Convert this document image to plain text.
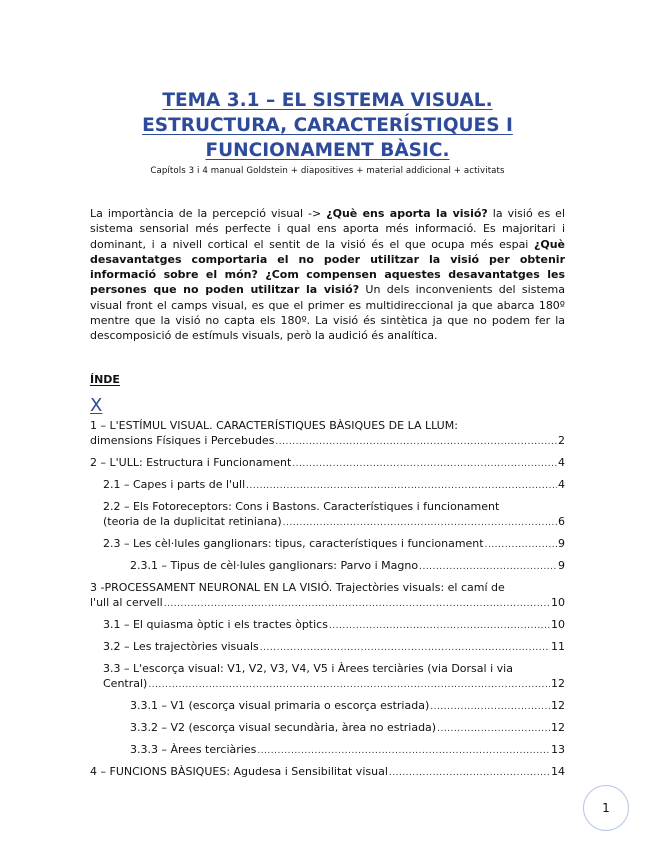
TEMA 3.1 – EL SISTEMA VISUAL.
ESTRUCTURA, CARACTERÍSTIQUES I
FUNCIONAMENT BÀSIC.
Capítols 3 i 4 manual Goldstein + diapositives + material addicional + activitats

La importància de la percepció visual -> ¿Què ens aporta la visió? la visió es el sistema sensorial més perfecte i qual ens aporta més informació. Es majoritari i dominant, i a nivell cortical el sentit de la visió és el que ocupa més espai ¿Què desavantatges comportaria el no poder utilitzar la visió per obtenir informació sobre el món? ¿Com compensen aquestes desavantatges les persones que no poden utilitzar la visió? Un dels inconvenients del sistema visual front el camps visual, es que el primer es multidireccional ja que abarca 180º mentre que la visió no capta els 180º. La visió és sintètica ja que no podem fer la descomposició de estímuls visuals, però la audició és analítica.

ÍNDE
X
1 – L'ESTÍMUL VISUAL. CARACTERÍSTIQUES BÀSIQUES DE LA LLUM:
dimensions Físiques i Percebudes .....	2
2 – L'ULL: Estructura i Funcionament .....	4
2.1 – Capes i parts de l'ull .....	4
2.2 – Els Fotoreceptors: Cons i Bastons. Característiques i funcionament
(teoria de la duplicitat retiniana) .....	6
2.3 – Les cèl·lules ganglionars: tipus, característiques i funcionament .....	9
2.3.1 – Tipus de cèl·lules ganglionars: Parvo i Magno .....	9
3 -PROCESSAMENT NEURONAL EN LA VISIÓ. Trajectòries visuals: el camí de
l'ull al cervell .....	10
3.1 – El quiasma òptic i els tractes òptics .....	10
3.2 – Les trajectòries visuals .....	11
3.3 – L'escorça visual: V1, V2, V3, V4, V5 i Àrees terciàries (via Dorsal i via
Central) .....	12
3.3.1 – V1 (escorça visual primaria o escorça estriada) .....	12
3.3.2 – V2 (escorça visual secundària, àrea no estriada) .....	12
3.3.3 – Àrees terciàries .....	13
4 – FUNCIONS BÀSIQUES: Agudesa i Sensibilitat visual .....	14
1
